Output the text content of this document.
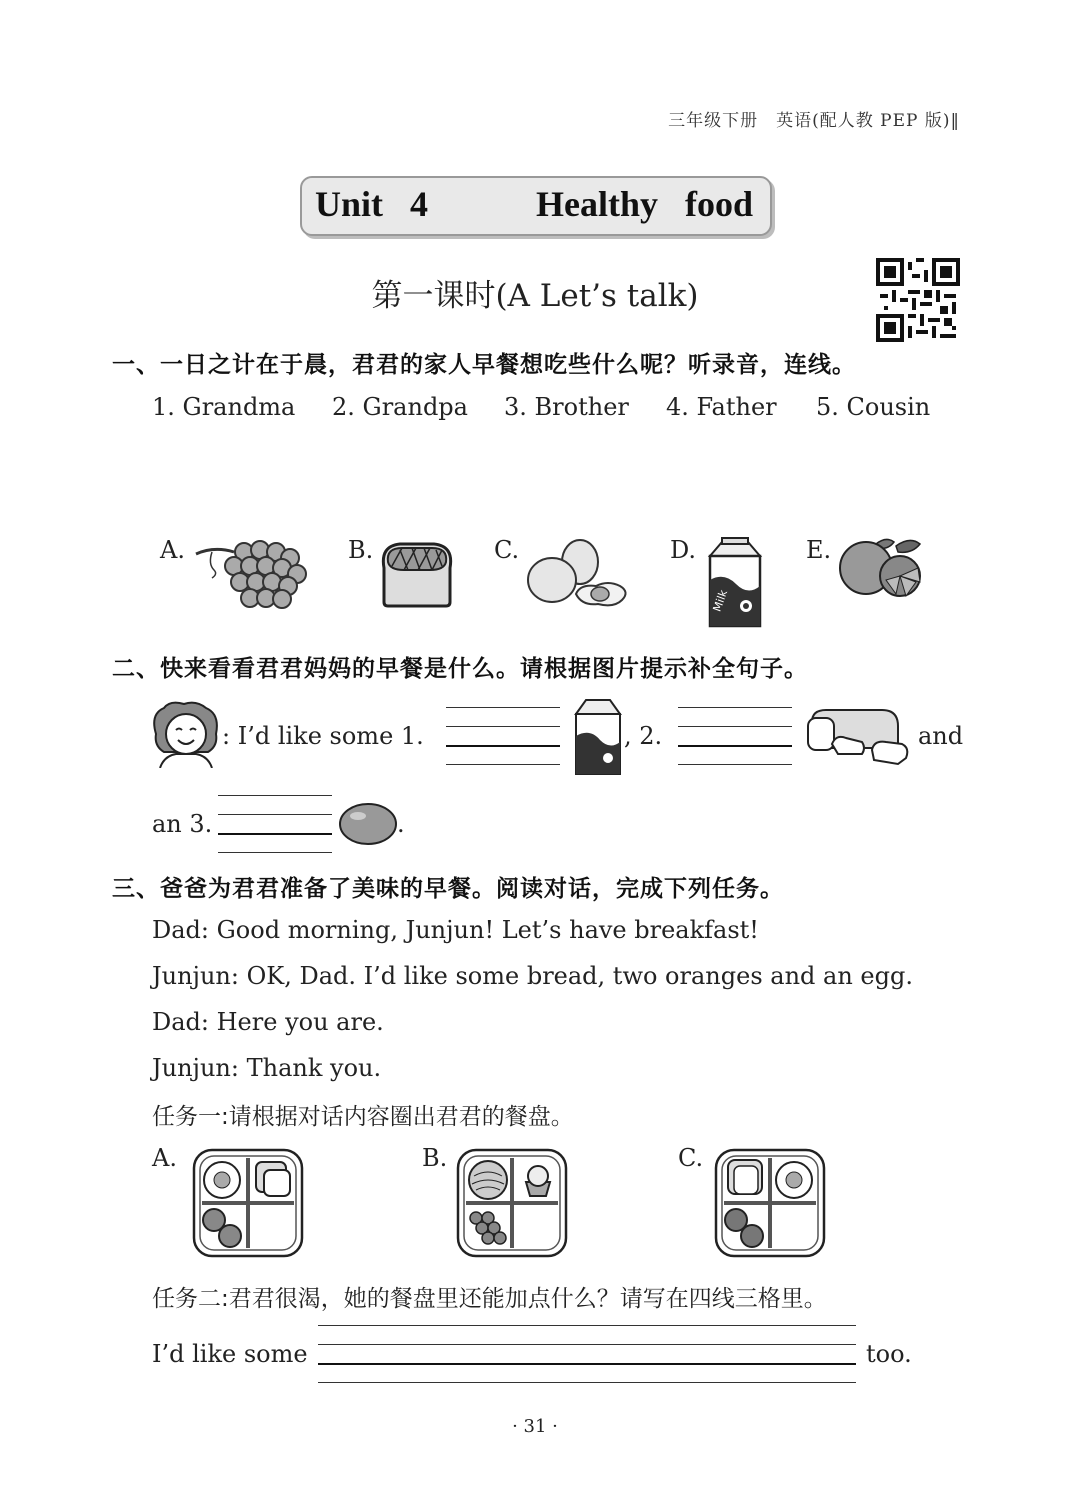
三年级下册　英语(配人教 PEP 版)‖
Unit 4	Healthy food
第一课时(A Let’s talk)
一、一日之计在于晨，君君的家人早餐想吃些什么呢？听录音，连线。
1. Grandma 2. Grandpa 3. Brother 4. Father 5. Cousin
A.	B.	C.	D.
Milk
E.
二、快来看看君君妈妈的早餐是什么。请根据图片提示补全句子。
: I’d like some 1.	, 2.	and
an 3.	.
三、爸爸为君君准备了美味的早餐。阅读对话，完成下列任务。
Dad: Good morning, Junjun! Let’s have breakfast!
Junjun: OK, Dad. I’d like some bread, two oranges and an egg.
Dad: Here you are.
Junjun: Thank you.
任务一:请根据对话内容圈出君君的餐盘。
A.	B.	C.
任务二:君君很渴，她的餐盘里还能加点什么？请写在四线三格里。
I’d like some	too.
· 31 ·
